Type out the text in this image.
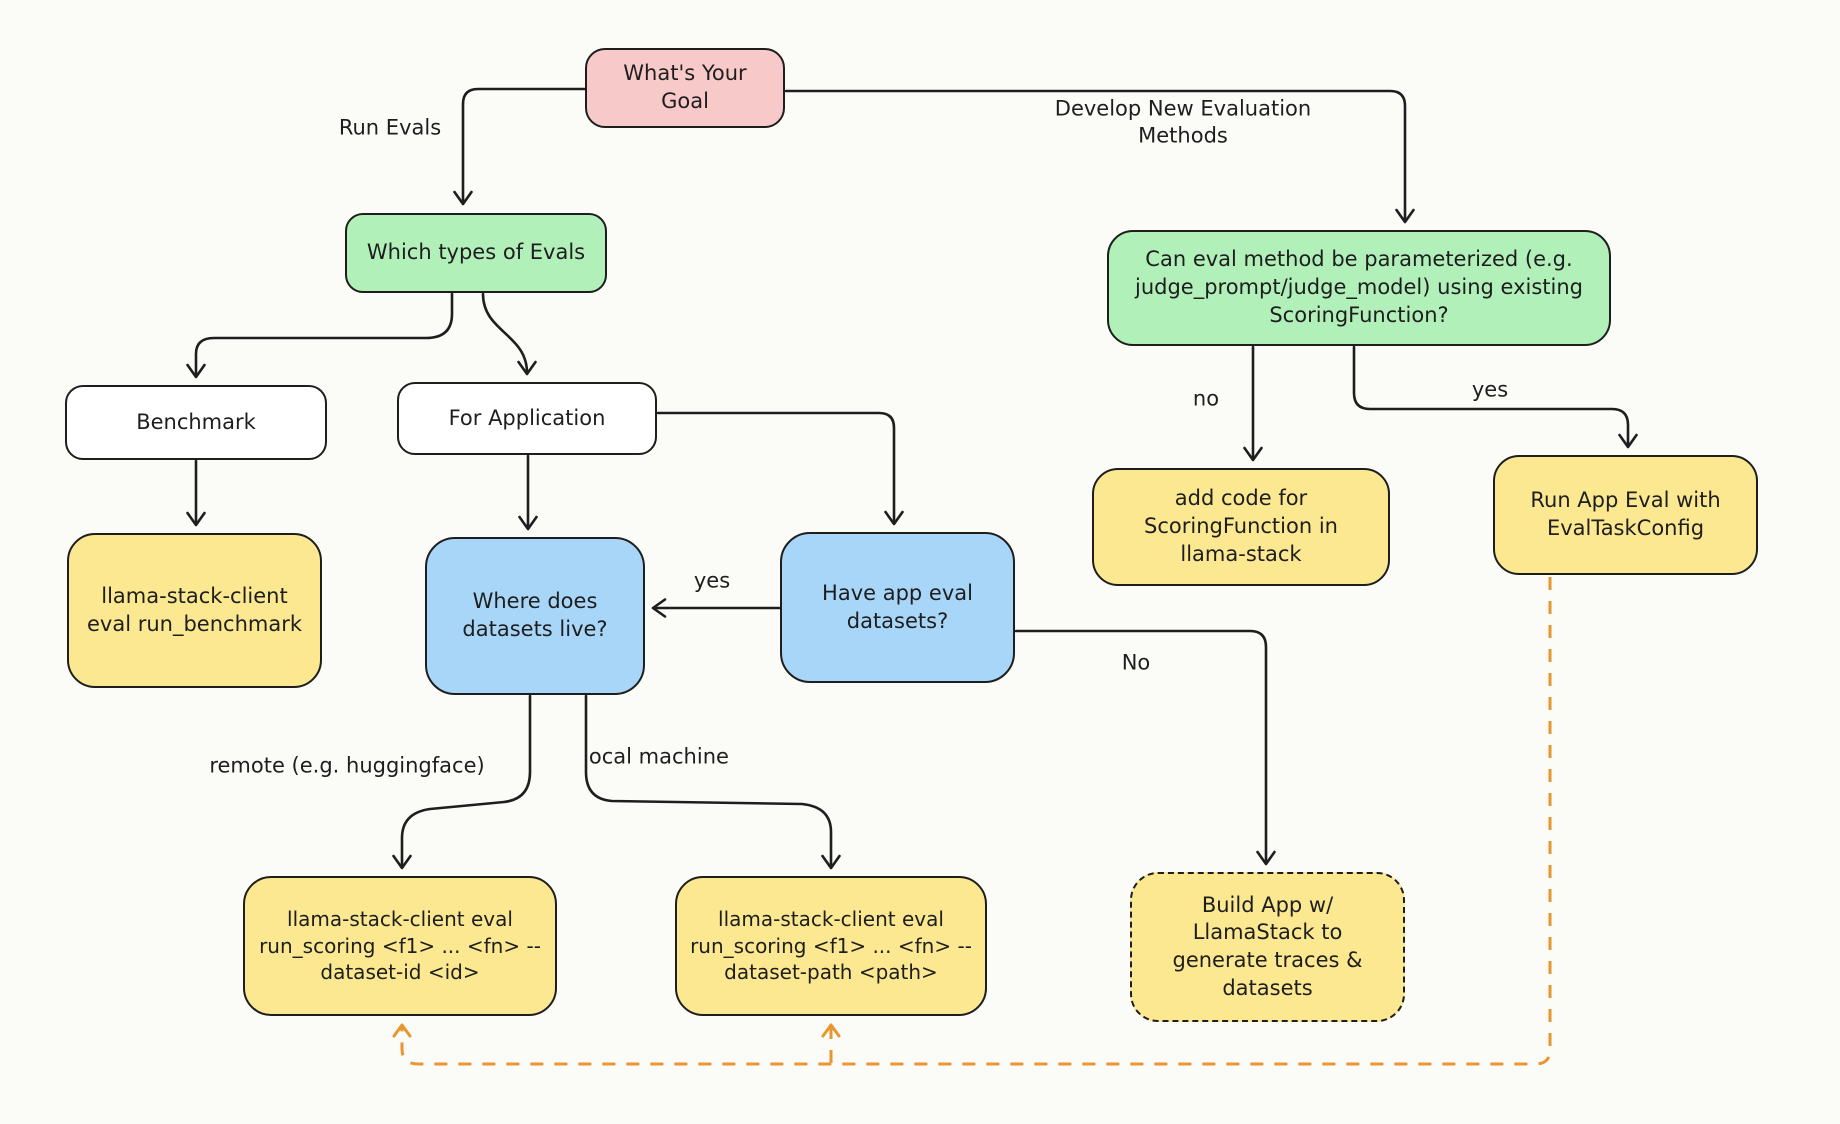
What's Your Goal
Which types of Evals
Benchmark	For Application
llama-stack-client eval run_benchmark
Where does datasets live?
Have app eval datasets?
Can eval method be parameterized (e.g. judge_prompt/judge_model) using existing ScoringFunction?
add code for ScoringFunction in llama-stack
Run App Eval with EvalTaskConfig
llama-stack-client eval run_scoring <f1> ... <fn> --dataset-id <id>
llama-stack-client eval run_scoring <f1> ... <fn> --dataset-path <path>
Build App w/ LlamaStack to generate traces & datasets
Run Evals
Develop New Evaluation Methods
yes
No
no	yes
remote (e.g. huggingface)	local machine
